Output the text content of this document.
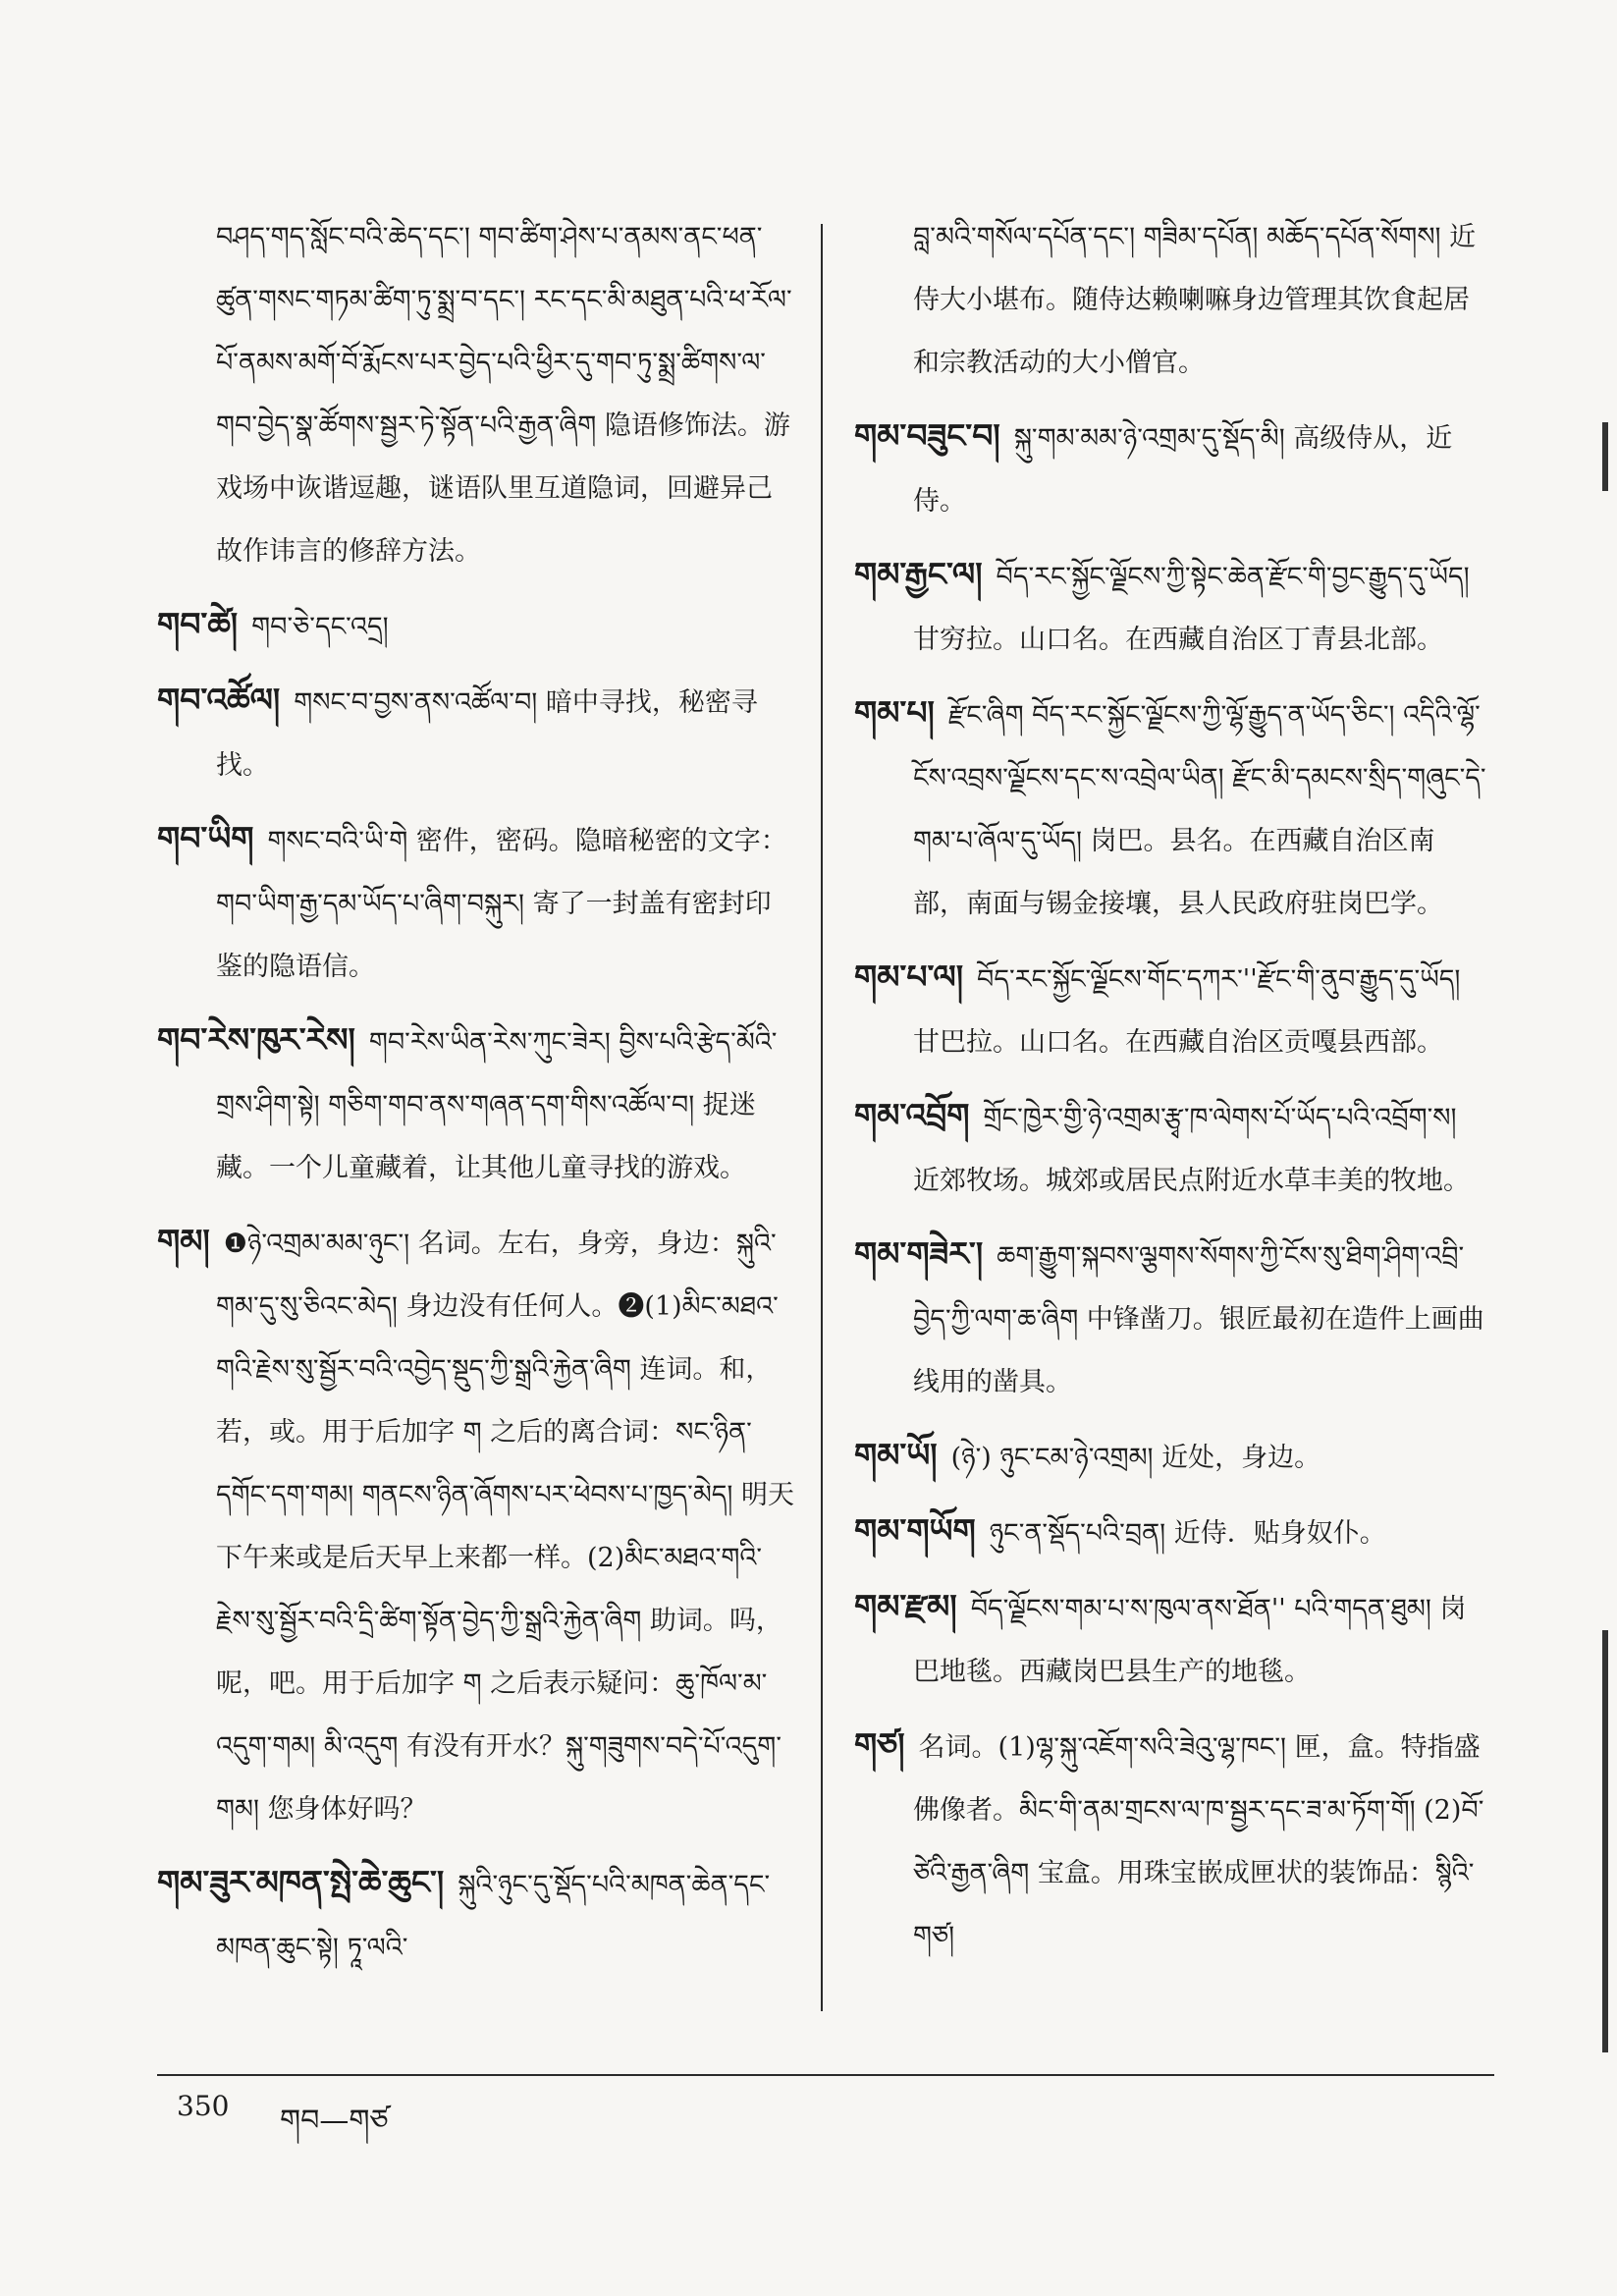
བཤད་གད་སློང་བའི་ཆེད་དང་། གབ་ཚིག་ཤེས་པ་ནམས་ནང་ཕན་ཚུན་གསང་གཏམ་ཚིག་ཏུ་སྨྲ་བ་དང་། རང་དང་མི་མཐུན་པའི་ཕ་རོལ་པོ་ནམས་མགོ་བོ་རྨོངས་པར་བྱེད་པའི་ཕྱིར་དུ་གབ་ཏུ་སྨྲ་ཚིགས་ལ་གབ་བྱེད་སྣ་ཚོགས་སྦྱར་ཏེ་སྟོན་པའི་རྒྱན་ཞིག 隐语修饰法。游戏场中诙谐逗趣，谜语队里互道隐词，回避异己故作讳言的修辞方法。
གབ་ཚེ། གབ་ཅེ་དང་འདྲ།
གབ་འཚོལ། གསང་བ་བྱས་ནས་འཚོལ་བ། 暗中寻找，秘密寻找。
གབ་ཡིག གསང་བའི་ཡི་གེ 密件，密码。隐暗秘密的文字：གབ་ཡིག་རྒྱ་དམ་ཡོད་པ་ཞིག་བསྐུར། 寄了一封盖有密封印鉴的隐语信。
གབ་རེས་ཁུར་རེས། གབ་རེས་ཡིན་རེས་ཀུང་ཟེར། བྱིས་པའི་རྩེད་མོའི་གྲས་ཤིག་སྟེ། གཅིག་གབ་ནས་གཞན་དག་གིས་འཚོལ་བ། 捉迷藏。一个儿童藏着，让其他儿童寻找的游戏。
གམ། ❶ཉེ་འགྲམ་མམ་ཉུང་། 名词。左右，身旁，身边：སྐུའི་གམ་དུ་སུ་ཅིའང་མེད། 身边没有任何人。❷(1)མིང་མཐའ་གའི་རྗེས་སུ་སྦྱོར་བའི་འབྱེད་སྡུད་ཀྱི་སྒྲའི་རྐྱེན་ཞིག 连词。和，若，或。用于后加字 ག 之后的离合词：སང་ཉིན་དགོང་དག་གམ། གནངས་ཉིན་ཞོགས་པར་ཕེབས་པ་ཁྱད་མེད། 明天下午来或是后天早上来都一样。(2)མིང་མཐའ་གའི་རྗེས་སུ་སྦྱོར་བའི་དྲི་ཚིག་སྟོན་བྱེད་ཀྱི་སྒྲའི་རྐྱེན་ཞིག 助词。吗，呢，吧。用于后加字 ག 之后表示疑问：ཆུ་ཁོལ་མ་འདུག་གམ། མི་འདུག 有没有开水？སྐུ་གཟུགས་བདེ་པོ་འདུག་གམ། 您身体好吗？
གམ་ཟུར་མཁན་སྤེ་ཆེ་ཆུང་། སྐུའི་ཉུང་དུ་སྡོད་པའི་མཁན་ཆེན་དང་མཁན་ཆུང་སྟེ། ཏཱ་ལའི་
བླ་མའི་གསོལ་དཔོན་དང་། གཟིམ་དཔོན། མཆོད་དཔོན་སོགས། 近侍大小堪布。随侍达赖喇嘛身边管理其饮食起居和宗教活动的大小僧官。
གམ་བཟུང་བ། སྐུ་གམ་མམ་ཉེ་འགྲམ་དུ་སྡོད་མི། 高级侍从，近侍。
གམ་རྒྱང་ལ། བོད་རང་སྐྱོང་ལྗོངས་ཀྱི་སྟེང་ཆེན་རྫོང་གི་བྱང་རྒྱུད་དུ་ཡོད། 甘穷拉。山口名。在西藏自治区丁青县北部。
གམ་པ། རྫོང་ཞིག བོད་རང་སྐྱོང་ལྗོངས་ཀྱི་ལྷོ་རྒྱུད་ན་ཡོད་ཅིང་། འདིའི་ལྷོ་ངོས་འབྲས་ལྗོངས་དང་ས་འབྲེལ་ཡིན། རྫོང་མི་དམངས་སྲིད་གཞུང་དེ་གམ་པ་ཞོལ་དུ་ཡོད། 岗巴。县名。在西藏自治区南部，南面与锡金接壤，县人民政府驻岗巴学。
གམ་པ་ལ། བོད་རང་སྐྱོང་ལྗོངས་གོང་དཀར་''རྫོང་གི་ནུབ་རྒྱུད་དུ་ཡོད། 甘巴拉。山口名。在西藏自治区贡嘎县西部。
གམ་འབྲོག གྲོང་ཁྱེར་གྱི་ཉེ་འགྲམ་རྩྭ་ཁ་ལེགས་པོ་ཡོད་པའི་འབྲོག་ས། 近郊牧场。城郊或居民点附近水草丰美的牧地。
གམ་གཟེར་། ཆག་རྒྱུག་སྐབས་ལྕགས་སོགས་ཀྱི་ངོས་སུ་ཐིག་ཤིག་འབྲི་བྱེད་ཀྱི་ལག་ཆ་ཞིག 中锋凿刀。银匠最初在造件上画曲线用的凿具。
གམ་ཡོ། (ཉེ་) ཉུང་ངམ་ཉེ་འགྲམ། 近处，身边。
གམ་གཡོག ཉུང་ན་སྡོད་པའི་བྲན། 近侍．贴身奴仆。
གམ་རྫམ། བོད་ལྗོངས་གམ་པ་ས་ཁུལ་ནས་ཐོན'' པའི་གདན་ཐུམ། 岗巴地毯。西藏岗巴县生产的地毯。
གཙ། 名词。(1)ལྷ་སྐུ་འཇོག་སའི་ཟེའུ་ལྷ་ཁང་། 匣，盒。特指盛佛像者。མིང་གི་ནམ་གྲངས་ལ་ཁ་སྦྱར་དང་ཟ་མ་ཏོག་གོ། (2)བོ་ཙེའི་རྒྱན་ཞིག 宝盒。用珠宝嵌成匣状的装饰品：སྙིའི་གཙ།
350 གབ—གཙ
